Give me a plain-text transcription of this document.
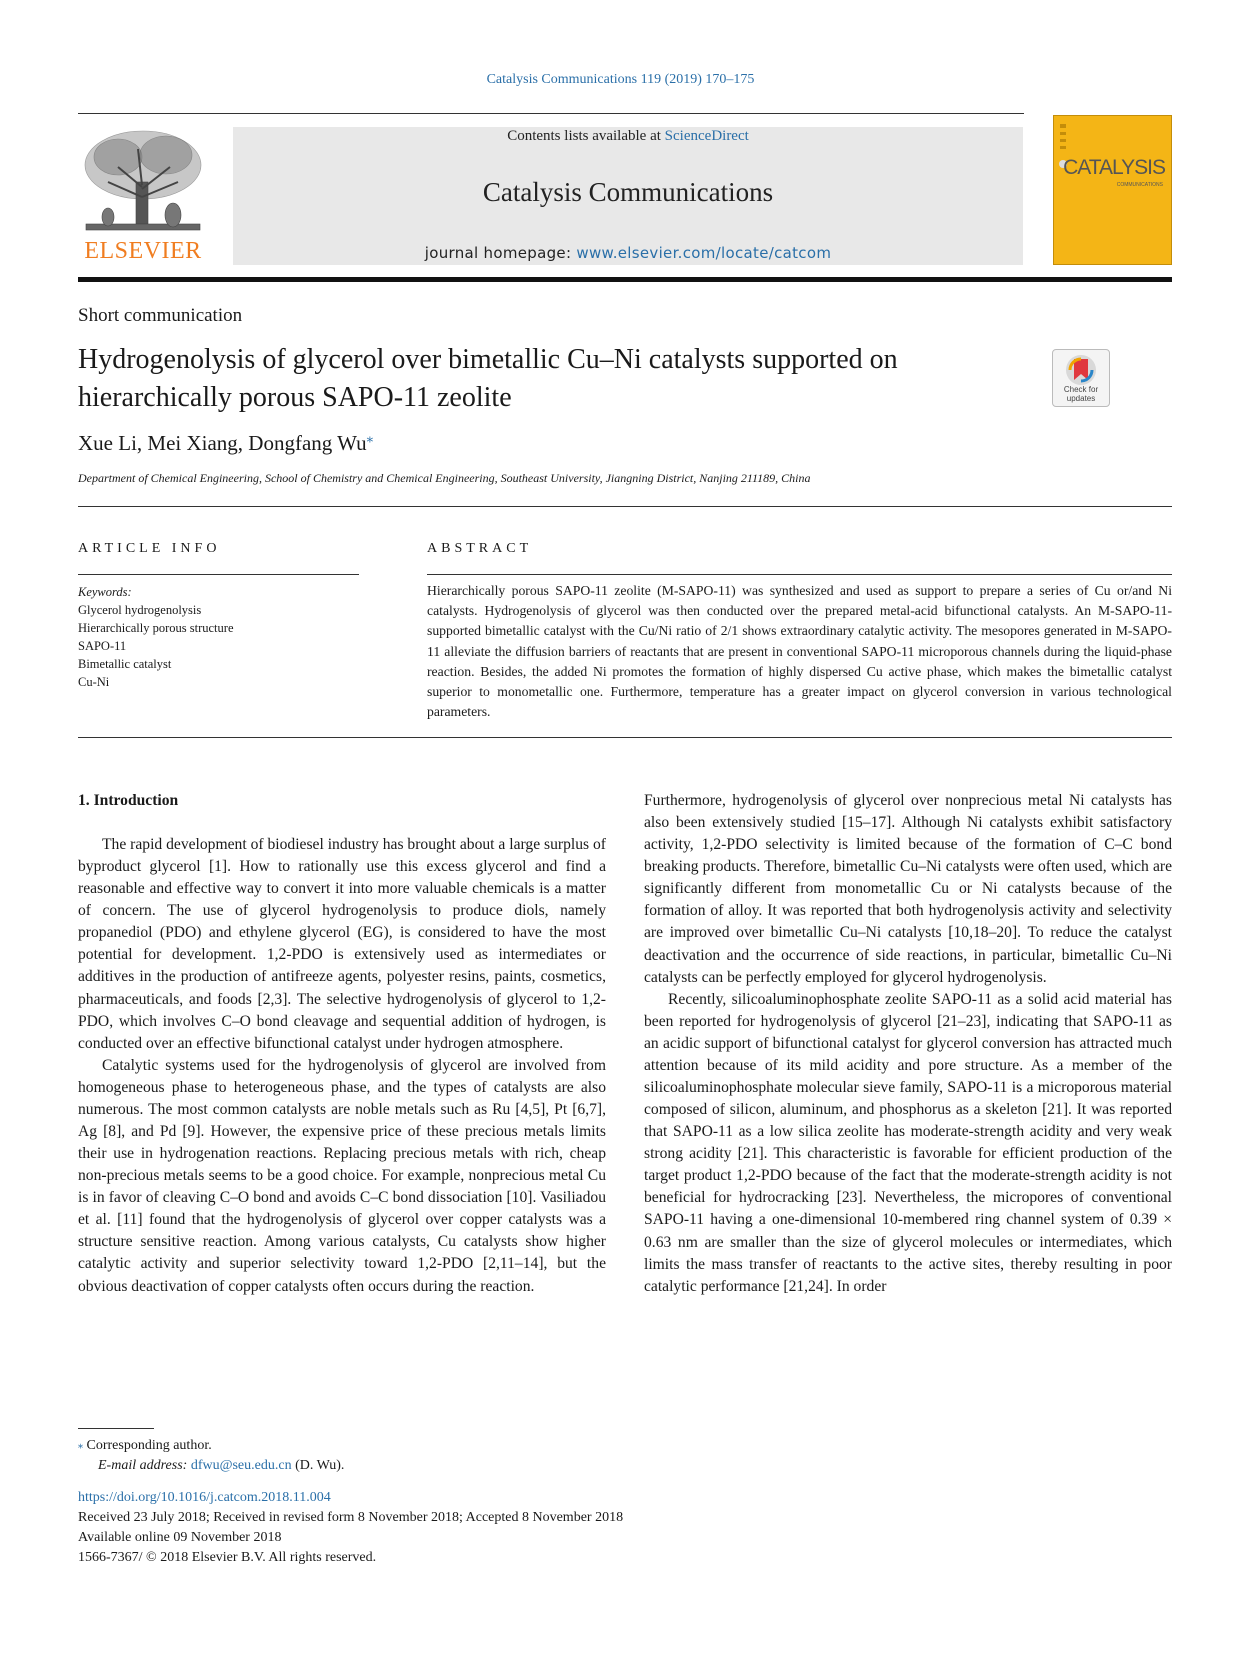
Catalysis Communications 119 (2019) 170–175
ELSEVIER
Contents lists available at ScienceDirect
Catalysis Communications
journal homepage: www.elsevier.com/locate/catcom
CATALYSIS
COMMUNICATIONS
Short communication
Hydrogenolysis of glycerol over bimetallic Cu–Ni catalysts supported on hierarchically porous SAPO-11 zeolite	Check for updates
Xue Li, Mei Xiang, Dongfang Wu⁎
Department of Chemical Engineering, School of Chemistry and Chemical Engineering, Southeast University, Jiangning District, Nanjing 211189, China
ARTICLE INFO	ABSTRACT
Keywords:
Glycerol hydrogenolysis
Hierarchically porous structure
SAPO-11
Bimetallic catalyst
Cu-Ni
Hierarchically porous SAPO-11 zeolite (M-SAPO-11) was synthesized and used as support to prepare a series of Cu or/and Ni catalysts. Hydrogenolysis of glycerol was then conducted over the prepared metal-acid bifunctional catalysts. An M-SAPO-11-supported bimetallic catalyst with the Cu/Ni ratio of 2/1 shows extraordinary catalytic activity. The mesopores generated in M-SAPO-11 alleviate the diffusion barriers of reactants that are present in conventional SAPO-11 microporous channels during the liquid-phase reaction. Besides, the added Ni promotes the formation of highly dispersed Cu active phase, which makes the bimetallic catalyst superior to monometallic one. Furthermore, temperature has a greater impact on glycerol conversion in various technological parameters.
1. Introduction

The rapid development of biodiesel industry has brought about a large surplus of byproduct glycerol [1]. How to rationally use this excess glycerol and find a reasonable and effective way to convert it into more valuable chemicals is a matter of concern. The use of glycerol hydrogenolysis to produce diols, namely propanediol (PDO) and ethylene glycerol (EG), is considered to have the most potential for development. 1,2-PDO is extensively used as intermediates or additives in the production of antifreeze agents, polyester resins, paints, cosmetics, pharmaceuticals, and foods [2,3]. The selective hydrogenolysis of glycerol to 1,2-PDO, which involves C–O bond cleavage and sequential addition of hydrogen, is conducted over an effective bifunctional catalyst under hydrogen atmosphere.

Catalytic systems used for the hydrogenolysis of glycerol are involved from homogeneous phase to heterogeneous phase, and the types of catalysts are also numerous. The most common catalysts are noble metals such as Ru [4,5], Pt [6,7], Ag [8], and Pd [9]. However, the expensive price of these precious metals limits their use in hydrogenation reactions. Replacing precious metals with rich, cheap non-precious metals seems to be a good choice. For example, nonprecious metal Cu is in favor of cleaving C–O bond and avoids C–C bond dissociation [10]. Vasiliadou et al. [11] found that the hydrogenolysis of glycerol over copper catalysts was a structure sensitive reaction. Among various catalysts, Cu catalysts show higher catalytic activity and superior selectivity toward 1,2-PDO [2,11–14], but the obvious deactivation of copper catalysts often occurs during the reaction.

Furthermore, hydrogenolysis of glycerol over nonprecious metal Ni catalysts has also been extensively studied [15–17]. Although Ni catalysts exhibit satisfactory activity, 1,2-PDO selectivity is limited because of the formation of C–C bond breaking products. Therefore, bimetallic Cu–Ni catalysts were often used, which are significantly different from monometallic Cu or Ni catalysts because of the formation of alloy. It was reported that both hydrogenolysis activity and selectivity are improved over bimetallic Cu–Ni catalysts [10,18–20]. To reduce the catalyst deactivation and the occurrence of side reactions, in particular, bimetallic Cu–Ni catalysts can be perfectly employed for glycerol hydrogenolysis.

Recently, silicoaluminophosphate zeolite SAPO-11 as a solid acid material has been reported for hydrogenolysis of glycerol [21–23], indicating that SAPO-11 as an acidic support of bifunctional catalyst for glycerol conversion has attracted much attention because of its mild acidity and pore structure. As a member of the silicoaluminophosphate molecular sieve family, SAPO-11 is a microporous material composed of silicon, aluminum, and phosphorus as a skeleton [21]. It was reported that SAPO-11 as a low silica zeolite has moderate-strength acidity and very weak strong acidity [21]. This characteristic is favorable for efficient production of the target product 1,2-PDO because of the fact that the moderate-strength acidity is not beneficial for hydrocracking [23]. Nevertheless, the micropores of conventional SAPO-11 having a one-dimensional 10-membered ring channel system of 0.39 × 0.63 nm are smaller than the size of glycerol molecules or intermediates, which limits the mass transfer of reactants to the active sites, thereby resulting in poor catalytic performance [21,24]. In order

⁎ Corresponding author.
E-mail address: dfwu@seu.edu.cn (D. Wu).
https://doi.org/10.1016/j.catcom.2018.11.004
Received 23 July 2018; Received in revised form 8 November 2018; Accepted 8 November 2018
Available online 09 November 2018
1566-7367/ © 2018 Elsevier B.V. All rights reserved.
